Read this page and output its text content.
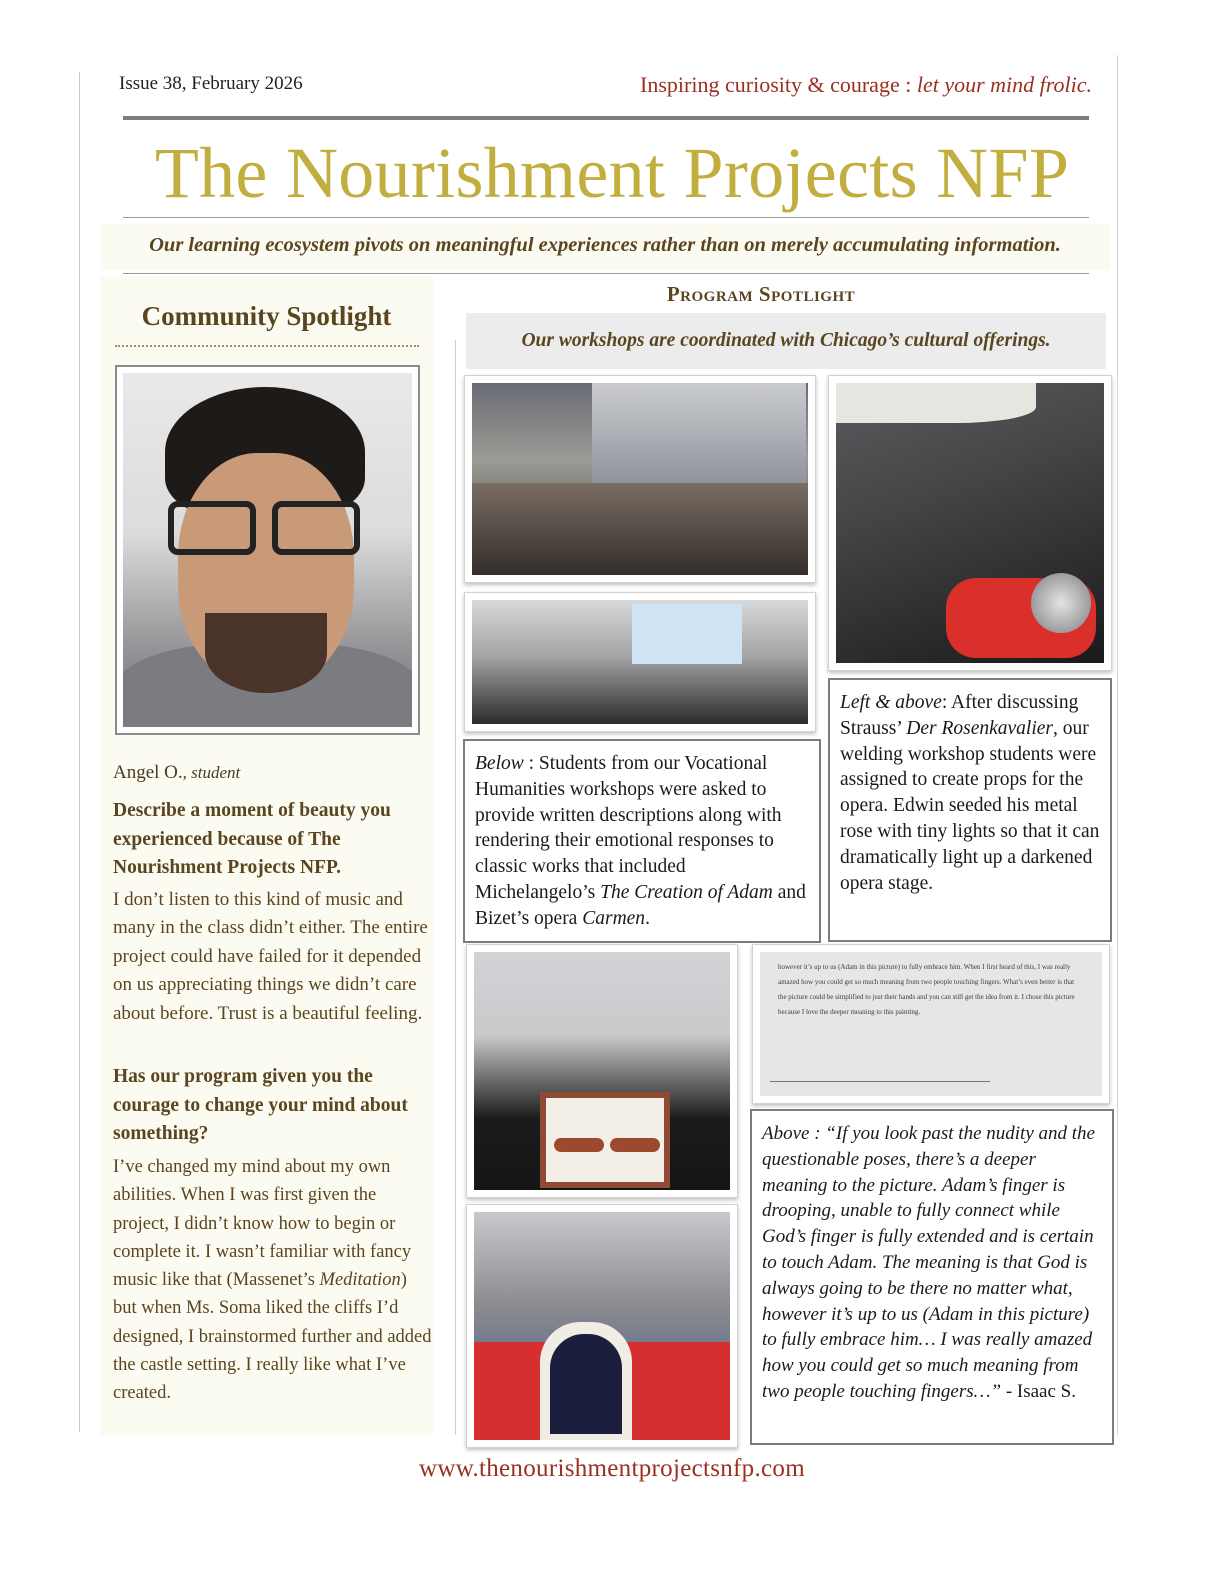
Issue 38, February 2026	Inspiring curiosity & courage : let your mind frolic.
The Nourishment Projects NFP
Our learning ecosystem pivots on meaningful experiences rather than on merely accumulating information.
Community Spotlight
Angel O., student
Describe a moment of beauty you experienced because of The Nourishment Projects NFP.
I don’t listen to this kind of music and many in the class didn’t either. The entire project could have failed for it depended on us appreciating things we didn’t care about before. Trust is a beautiful feeling.
Has our program given you the courage to change your mind about something?
I’ve changed my mind about my own abilities. When I was first given the project, I didn’t know how to begin or complete it. I wasn’t familiar with fancy music like that (Massenet’s Meditation) but when Ms. Soma liked the cliffs I’d designed, I brainstormed further and added the castle setting. I really like what I’ve created.
Program Spotlight
Our workshops are coordinated with Chicago’s cultural offerings.
Below : Students from our Vocational Humanities workshops were asked to provide written descriptions along with rendering their emotional responses to classic works that included Michelangelo’s The Creation of Adam and Bizet’s opera Carmen.
Left & above: After discussing Strauss’ Der Rosenkavalier, our welding workshop students were assigned to create props for the opera. Edwin seeded his metal rose with tiny lights so that it can dramatically light up a darkened opera stage.

however it’s up to us (Adam in this picture) to fully embrace him. When I first heard of this, I was really amazed how you could get so much meaning from two people touching fingers. What’s even better is that the picture could be simplified to just their hands and you can still get the idea from it. I chose this picture because I love the deeper meaning to this painting.

Above : “If you look past the nudity and the questionable poses, there’s a deeper meaning to the picture. Adam’s finger is drooping, unable to fully connect while God’s finger is fully extended and is certain to touch Adam. The meaning is that God is always going to be there no matter what, however it’s up to us (Adam in this picture) to fully embrace him… I was really amazed how you could get so much meaning from two people touching fingers…” - Isaac S.
www.thenourishmentprojectsnfp.com
